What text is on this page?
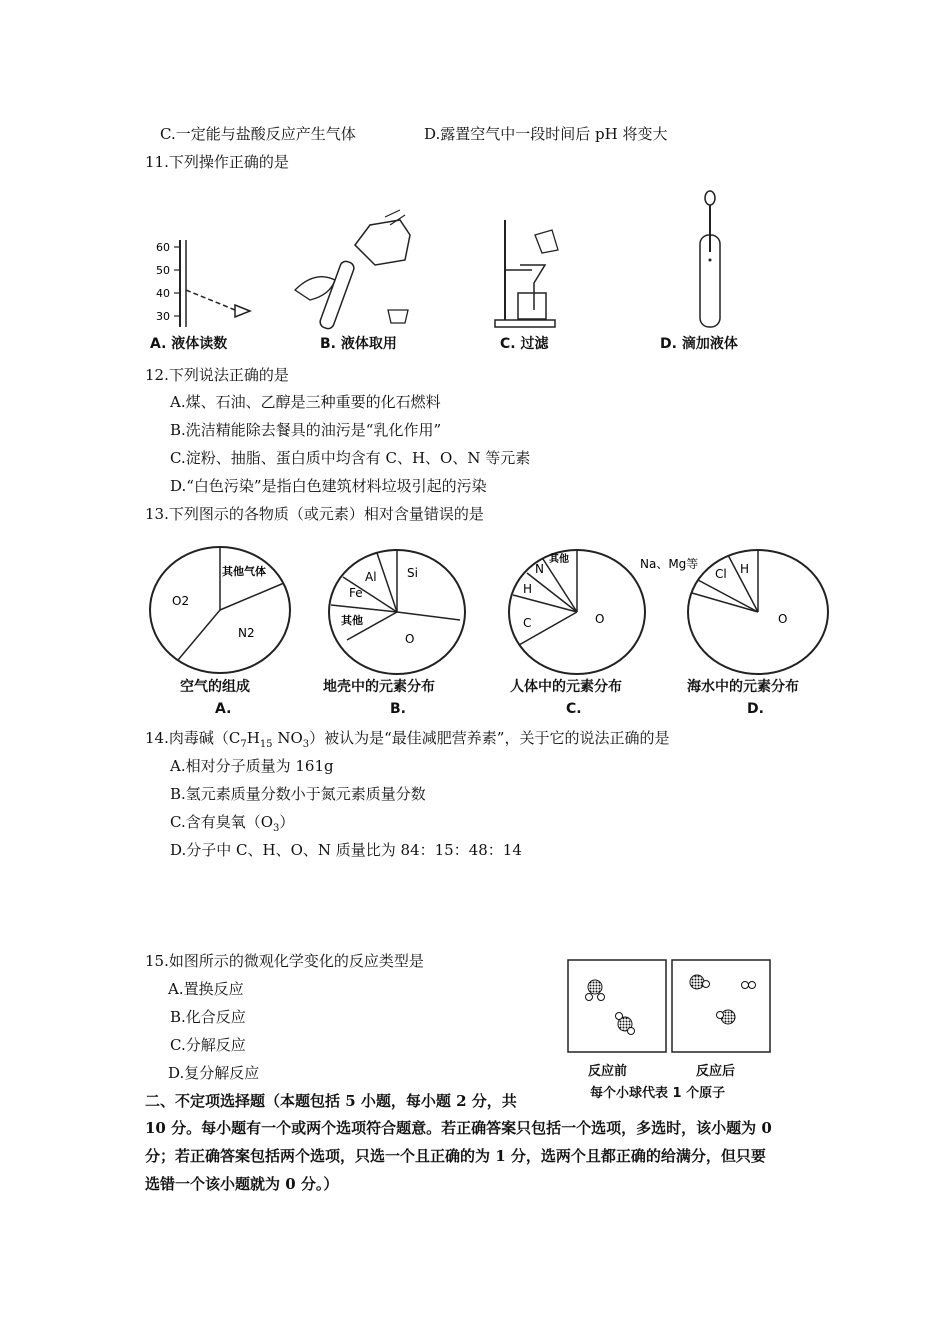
C.一定能与盐酸反应产生气体	D.露置空气中一段时间后 pH 将变大
11.下列操作正确的是
60
50
40
30
A. 液体读数	B. 液体取用	C. 过滤	D. 滴加液体
12.下列说法正确的是
A.煤、石油、乙醇是三种重要的化石燃料
B.洗洁精能除去餐具的油污是“乳化作用”
C.淀粉、抽脂、蛋白质中均含有 C、H、O、N 等元素
D.“白色污染”是指白色建筑材料垃圾引起的污染
13.下列图示的各物质（或元素）相对含量错误的是
其他气体
O2
N2
Al	Si
Fe
其他
O
其他
N
H
C	O
Na、Mg等
Cl H
O
空气的组成	地壳中的元素分布	人体中的元素分布	海水中的元素分布
A.	B.	C.	D.
14.肉毒碱（$C_7H_{15}$ $NO_3$）被认为是“最佳减肥营养素”，关于它的说法正确的是
A.相对分子质量为 161g
B.氢元素质量分数小于氮元素质量分数
C.含有臭氧$(O_3)$
D.分子中 C、H、O、N 质量比为 84：15：48：14
15.如图所示的微观化学变化的反应类型是
A.置换反应
B.化合反应
C.分解反应
D.复分解反应	反应前	反应后
每个小球代表 1 个原子
二、不定项选择题（本题包括 5 小题，每小题 2 分，共
10 分。每小题有一个或两个选项符合题意。若正确答案只包括一个选项，多选时，该小题为 0
分；若正确答案包括两个选项，只选一个且正确的为 1 分，选两个且都正确的给满分，但只要
选错一个该小题就为 0 分。）
